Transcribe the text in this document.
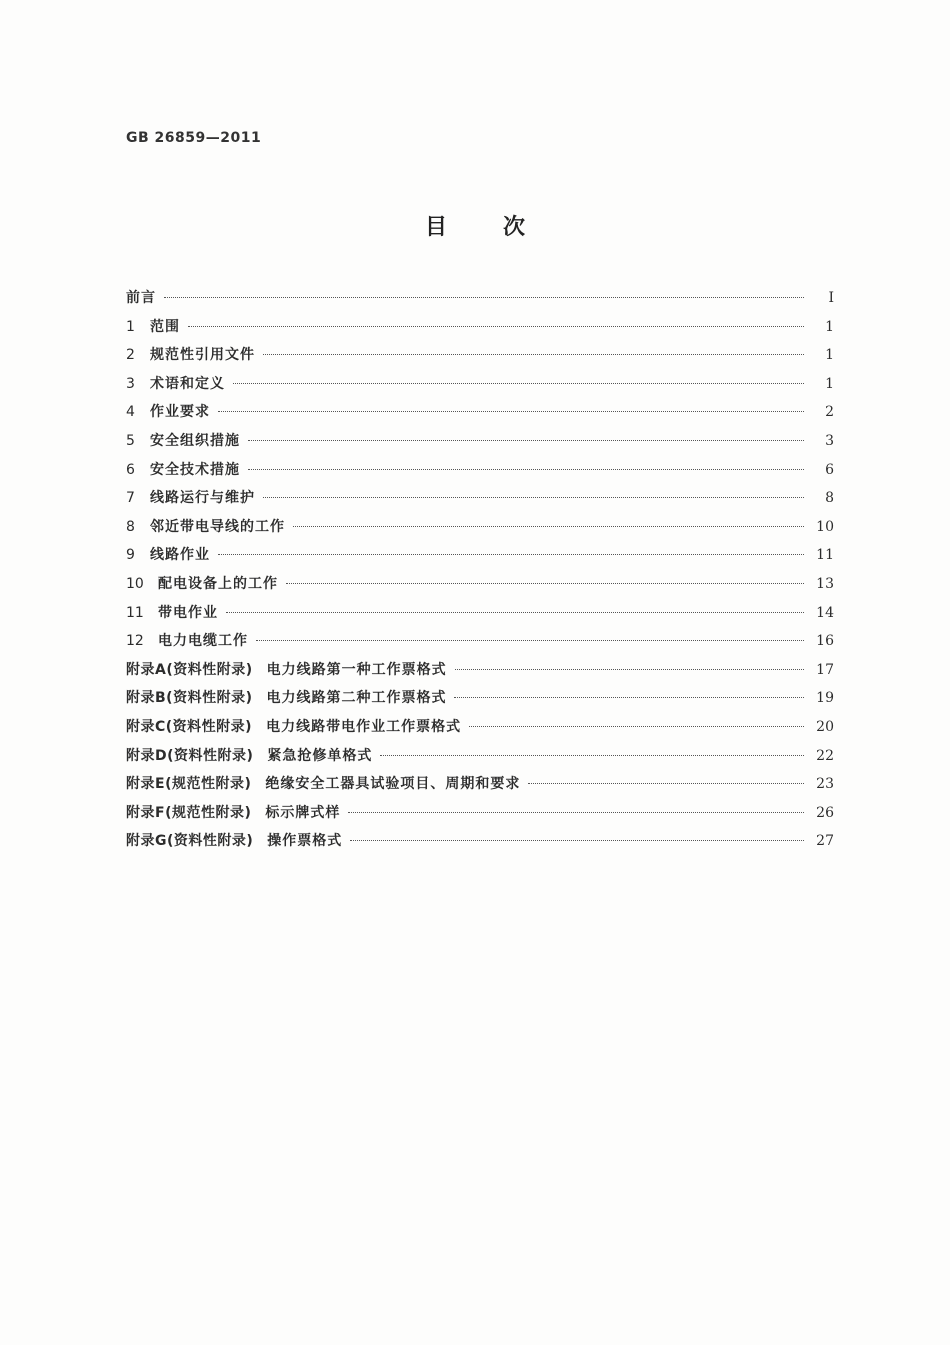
GB 26859—2011
目次
前言	I
1	范围	1
2	规范性引用文件	1
3	术语和定义	1
4	作业要求	2
5	安全组织措施	3
6	安全技术措施	6
7	线路运行与维护	8
8	邻近带电导线的工作	10
9	线路作业	11
10	配电设备上的工作	13
11	带电作业	14
12	电力电缆工作	16
附录A(资料性附录) 电力线路第一种工作票格式	17
附录B(资料性附录) 电力线路第二种工作票格式	19
附录C(资料性附录) 电力线路带电作业工作票格式	20
附录D(资料性附录) 紧急抢修单格式	22
附录E(规范性附录) 绝缘安全工器具试验项目、周期和要求	23
附录F(规范性附录) 标示牌式样	26
附录G(资料性附录) 操作票格式	27
